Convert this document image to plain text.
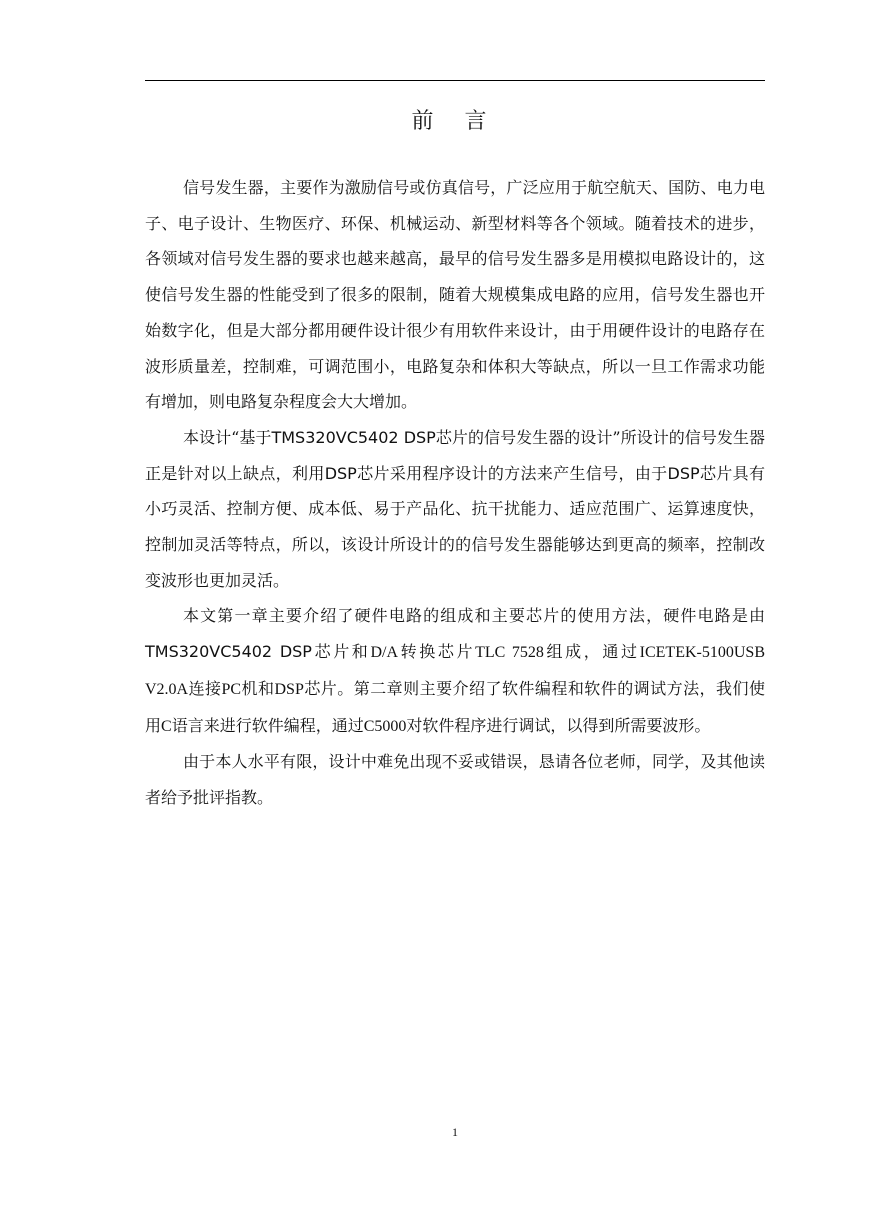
前 言

信号发生器，主要作为激励信号或仿真信号，广泛应用于航空航天、国防、电力电子、电子设计、生物医疗、环保、机械运动、新型材料等各个领域。随着技术的进步，各领域对信号发生器的要求也越来越高，最早的信号发生器多是用模拟电路设计的，这使信号发生器的性能受到了很多的限制，随着大规模集成电路的应用，信号发生器也开始数字化，但是大部分都用硬件设计很少有用软件来设计，由于用硬件设计的电路存在波形质量差，控制难，可调范围小，电路复杂和体积大等缺点，所以一旦工作需求功能有增加，则电路复杂程度会大大增加。

本设计“基于TMS320VC5402 DSP芯片的信号发生器的设计”所设计的信号发生器正是针对以上缺点，利用DSP芯片采用程序设计的方法来产生信号，由于DSP芯片具有小巧灵活、控制方便、成本低、易于产品化、抗干扰能力、适应范围广、运算速度快，控制加灵活等特点，所以，该设计所设计的的信号发生器能够达到更高的频率，控制改变波形也更加灵活。

本文第一章主要介绍了硬件电路的组成和主要芯片的使用方法，硬件电路是由TMS320VC5402 DSP芯片和D/A转换芯片TLC 7528组成，通过ICETEK-5100USB V2.0A连接PC机和DSP芯片。第二章则主要介绍了软件编程和软件的调试方法，我们使用C语言来进行软件编程，通过C5000对软件程序进行调试，以得到所需要波形。

由于本人水平有限，设计中难免出现不妥或错误，恳请各位老师，同学，及其他读者给予批评指教。

1
